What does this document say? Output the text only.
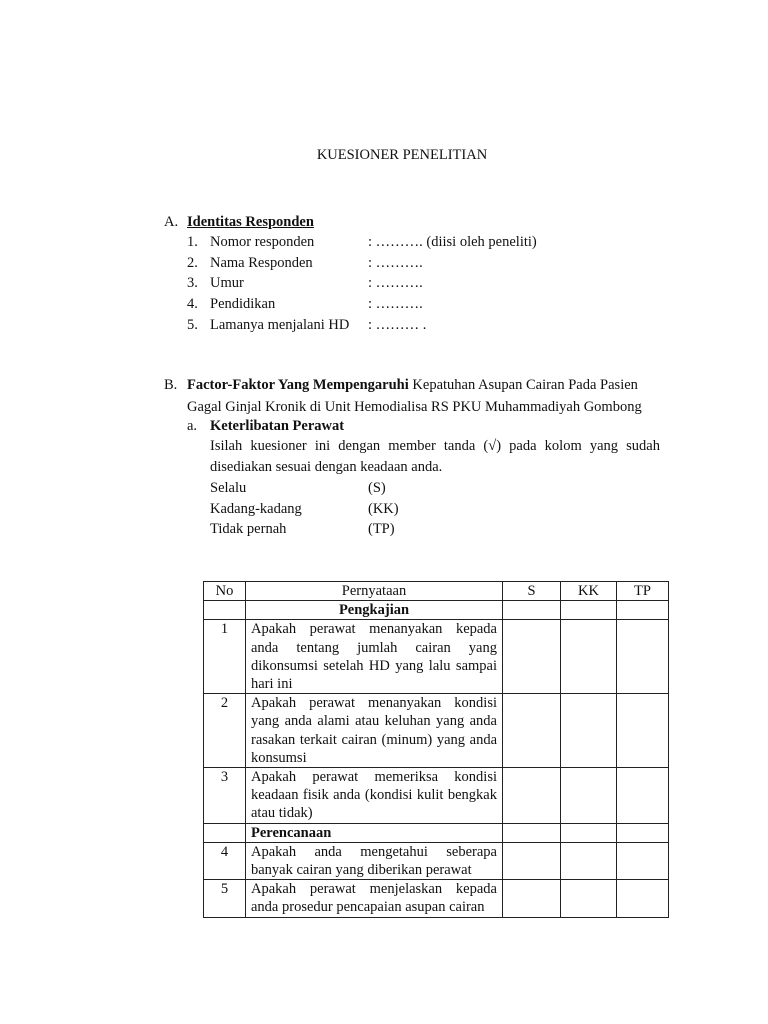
KUESIONER PENELITIAN
A. Identitas Responden
1. Nomor responden	: ………. (diisi oleh peneliti)
2. Nama Responden	: ……….
3. Umur	: ……….
4. Pendidikan	: ……….
5. Lamanya menjalani HD : ……… .
B. Factor-Faktor Yang Mempengaruhi Kepatuhan Asupan Cairan Pada Pasien
Gagal Ginjal Kronik di Unit Hemodialisa RS PKU Muhammadiyah Gombong
a. Keterlibatan Perawat
Isilah kuesioner ini dengan member tanda (√) pada kolom yang sudah
disediakan sesuai dengan keadaan anda.
Selalu	(S)
Kadang-kadang	(KK)
Tidak pernah	(TP)
No	Pernyataan	S	KK	TP
	Pengkajian			
1	Apakah perawat menanyakan kepada anda tentang jumlah cairan yang dikonsumsi setelah HD yang lalu sampai hari ini			
2	Apakah perawat menanyakan kondisi yang anda alami atau keluhan yang anda rasakan terkait cairan (minum) yang anda konsumsi			
3	Apakah perawat memeriksa kondisi keadaan fisik anda (kondisi kulit bengkak atau tidak)			
	Perencanaan			
4	Apakah anda mengetahui seberapa banyak cairan yang diberikan perawat			
5	Apakah perawat menjelaskan kepada anda prosedur pencapaian asupan cairan			
